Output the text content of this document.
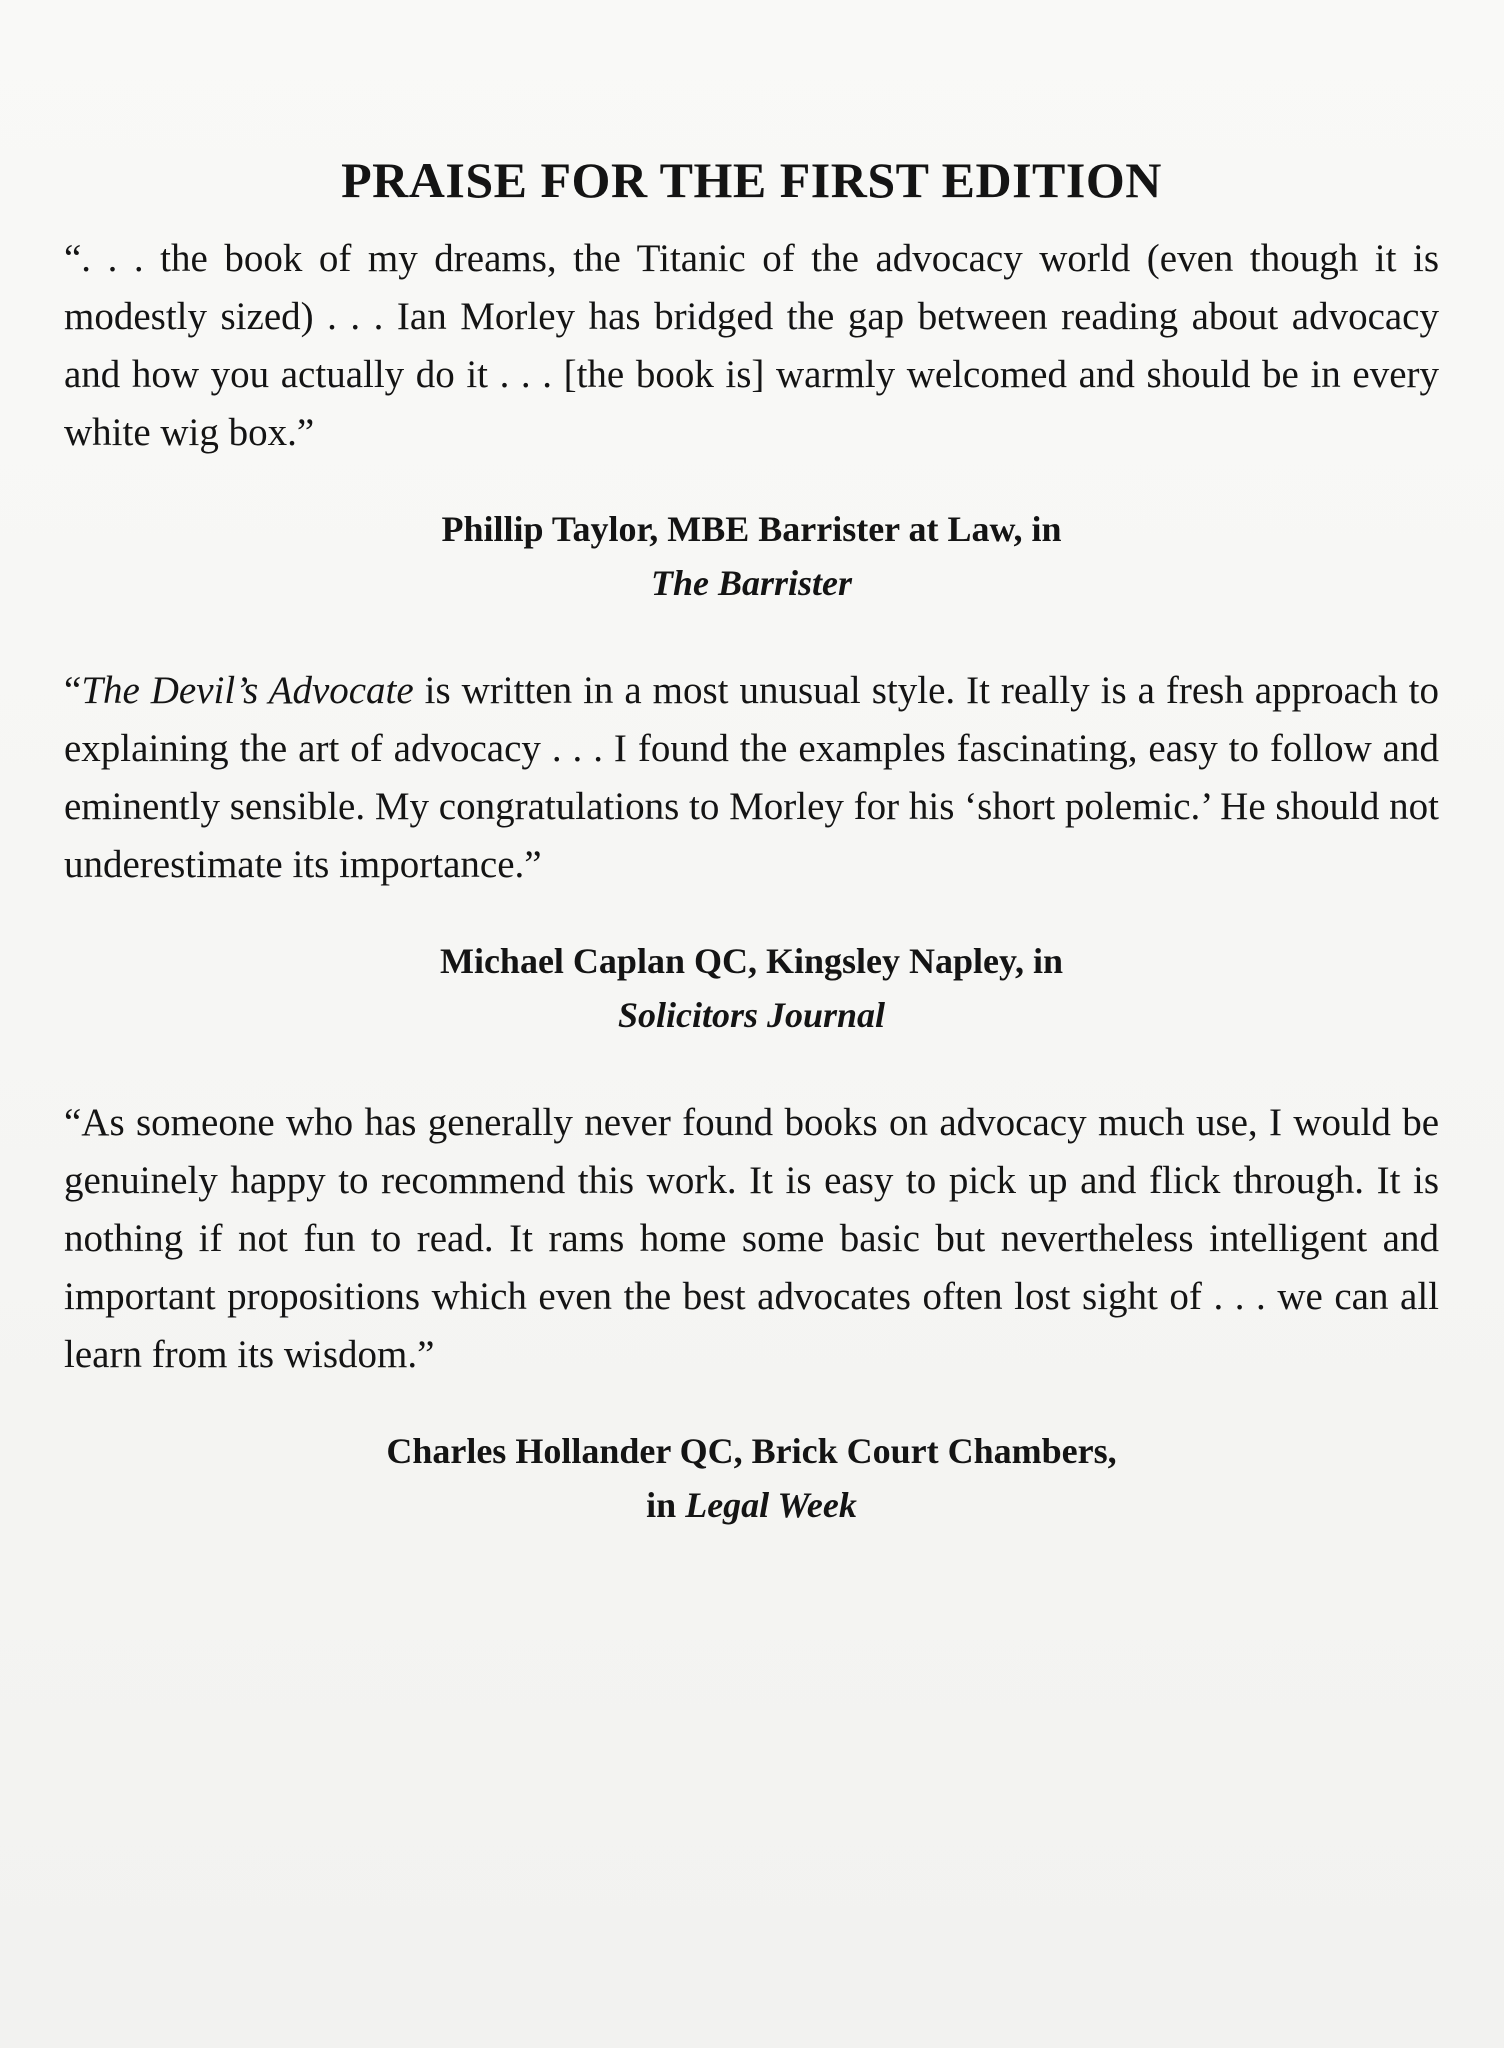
PRAISE FOR THE FIRST EDITION

“. . . the book of my dreams, the Titanic of the advocacy world (even though it is modestly sized) . . . Ian Morley has bridged the gap between reading about advocacy and how you actually do it . . . [the book is] warmly welcomed and should be in every white wig box.”

Phillip Taylor, MBE Barrister at Law, in
The Barrister

“The Devil’s Advocate is written in a most unusual style. It really is a fresh approach to explaining the art of advocacy . . . I found the examples fascinating, easy to follow and eminently sensible. My congratulations to Morley for his ‘short polemic.’ He should not underestimate its importance.”

Michael Caplan QC, Kingsley Napley, in
Solicitors Journal

“As someone who has generally never found books on advocacy much use, I would be genuinely happy to recommend this work. It is easy to pick up and flick through. It is nothing if not fun to read. It rams home some basic but nevertheless intelligent and important propositions which even the best advocates often lost sight of . . . we can all learn from its wisdom.”

Charles Hollander QC, Brick Court Chambers,
in Legal Week
